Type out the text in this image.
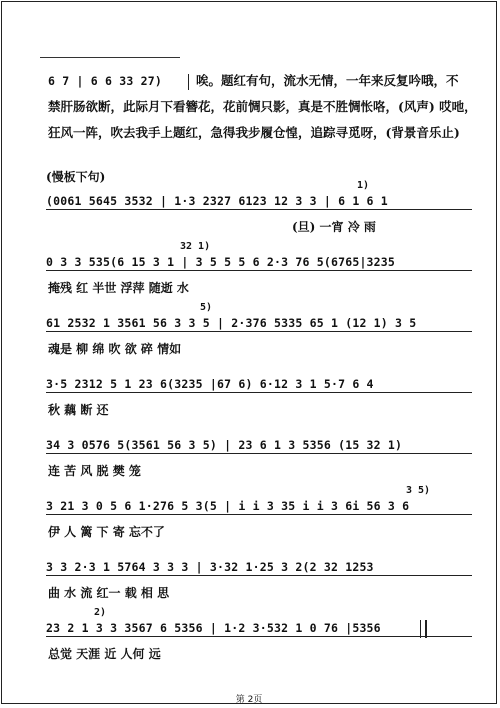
6 7 | 6 6 33 27)	唉。题红有句，流水无情，一年来反复吟哦，不
禁肝肠欲断，此际月下看簪花，花前惆只影，真是不胜惆怅咯，(风声) 哎吔，
狂风一阵，吹去我手上题红，急得我步履仓惶，追踪寻觅呀，(背景音乐止)
(慢板下句)
(0061 5645 3532 | 1·3 2327 6123 12 3 3 | 6 1 6 1
(旦) 一宵 冷 雨
1)
0 3 3 535(6 15 3 1 | 3 5 5 5 6 2·3 76 5(6765|3235
掩残 红 半世 浮萍 随逝 水
32 1)
61 2532 1 3561 56 3 3 5 | 2·376 5335 65 1 (12 1) 3 5
魂是 柳 绵 吹 欲 碎 情如
5)
3·5 2312 5 1 23 6(3235 |67 6) 6·12 3 1 5·7 6 4
秋 藕 断 还
34 3 0576 5(3561 56 3 5) | 23 6 1 3 5356 (15 32 1)
连 苦 风 脱 樊 笼
3 21 3 0 5 6 1·276 5 3(5 | i i 3 35 i i 3 6i 56 3 6
伊 人 篱 下 寄 忘不了
3 5)
3 3 2·3 1 5764 3 3 3 | 3·32 1·25 3 2(2 32 1253
曲 水 流 红一 载 相 思
23 2 1 3 3 3567 6 5356 | 1·2 3·532 1 0 76 |5356
总觉 天涯 近 人何 远
2)
第 2页
